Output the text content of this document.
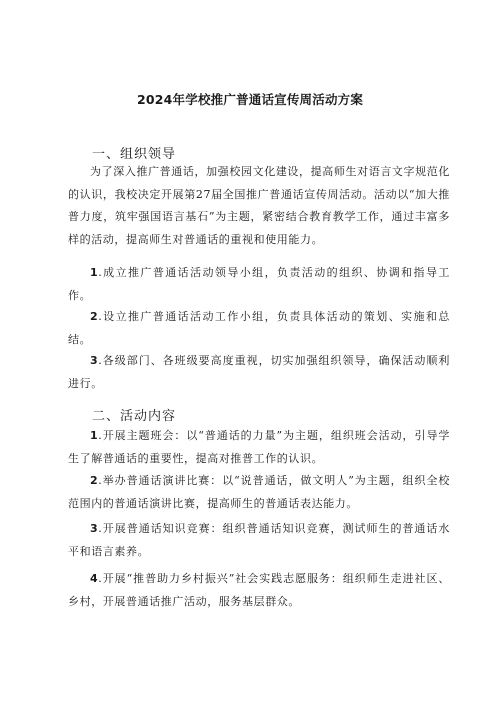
2024年学校推广普通话宣传周活动方案
一、组织领导

为了深入推广普通话，加强校园文化建设，提高师生对语言文字规范化的认识，我校决定开展第27届全国推广普通话宣传周活动。活动以“加大推普力度，筑牢强国语言基石”为主题，紧密结合教育教学工作，通过丰富多样的活动，提高师生对普通话的重视和使用能力。

1.成立推广普通话活动领导小组，负责活动的组织、协调和指导工作。

2.设立推广普通话活动工作小组，负责具体活动的策划、实施和总结。

3.各级部门、各班级要高度重视，切实加强组织领导，确保活动顺利进行。

二、活动内容

1.开展主题班会：以“普通话的力量”为主题，组织班会活动，引导学生了解普通话的重要性，提高对推普工作的认识。

2.举办普通话演讲比赛：以“说普通话，做文明人”为主题，组织全校范围内的普通话演讲比赛，提高师生的普通话表达能力。

3.开展普通话知识竞赛：组织普通话知识竞赛，测试师生的普通话水平和语言素养。

4.开展“推普助力乡村振兴”社会实践志愿服务：组织师生走进社区、乡村，开展普通话推广活动，服务基层群众。
